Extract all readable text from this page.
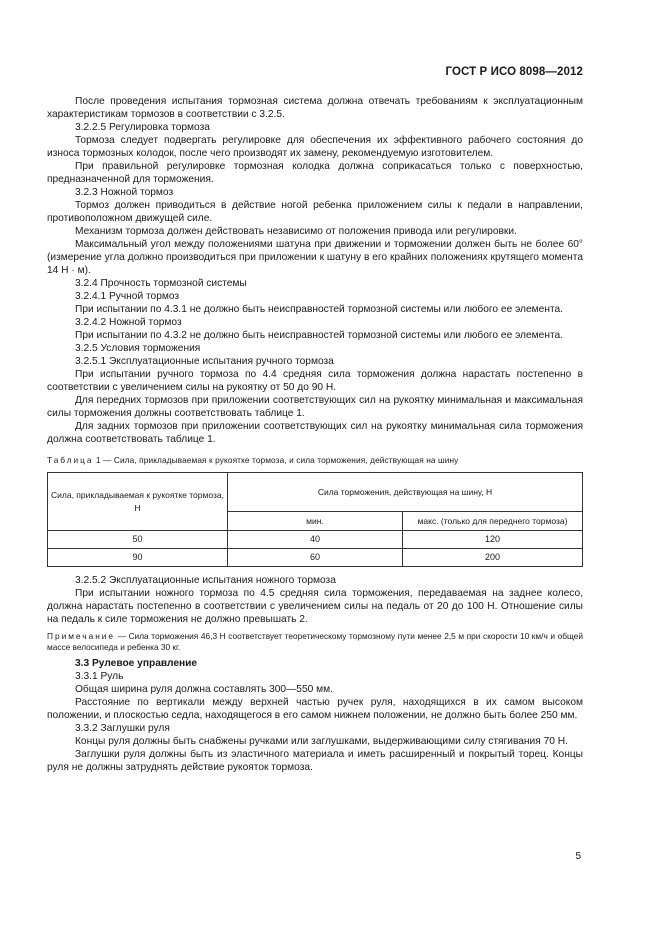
ГОСТ Р ИСО 8098—2012

После проведения испытания тормозная система должна отвечать требованиям к эксплуатационным характеристикам тормозов в соответствии с 3.2.5.

3.2.2.5 Регулировка тормоза

Тормоза следует подвергать регулировке для обеспечения их эффективного рабочего состояния до износа тормозных колодок, после чего производят их замену, рекомендуемую изготовителем.

При правильной регулировке тормозная колодка должна соприкасаться только с поверхностью, предназначенной для торможения.

3.2.3 Ножной тормоз

Тормоз должен приводиться в действие ногой ребенка приложением силы к педали в направлении, противоположном движущей силе.

Механизм тормоза должен действовать независимо от положения привода или регулировки.

Максимальный угол между положениями шатуна при движении и торможении должен быть не более 60° (измерение угла должно производиться при приложении к шатуну в его крайних положениях крутящего момента 14 Н · м).

3.2.4 Прочность тормозной системы

3.2.4.1 Ручной тормоз

При испытании по 4.3.1 не должно быть неисправностей тормозной системы или любого ее элемента.

3.2.4.2 Ножной тормоз

При испытании по 4.3.2 не должно быть неисправностей тормозной системы или любого ее элемента.

3.2.5 Условия торможения

3.2.5.1 Эксплуатационные испытания ручного тормоза

При испытании ручного тормоза по 4.4 средняя сила торможения должна нарастать постепенно в соответствии с увеличением силы на рукоятку от 50 до 90 Н.

Для передних тормозов при приложении соответствующих сил на рукоятку минимальная и максимальная силы торможения должны соответствовать таблице 1.

Для задних тормозов при приложении соответствующих сил на рукоятку минимальная сила торможения должна соответствовать таблице 1.

Таблица 1 — Сила, прикладываемая к рукоятке тормоза, и сила торможения, действующая на шину

Сила, прикладываемая к рукоятке тормоза, Н	Сила торможения, действующая на шину, Н	
	мин.	макс. (только для переднего тормоза)
50	40	120
90	60	200

3.2.5.2 Эксплуатационные испытания ножного тормоза

При испытании ножного тормоза по 4.5 средняя сила торможения, передаваемая на заднее колесо, должна нарастать постепенно в соответствии с увеличением силы на педаль от 20 до 100 Н. Отношение силы на педаль к силе торможения не должно превышать 2.

Примечание — Сила торможения 46,3 Н соответствует теоретическому тормозному пути менее 2,5 м при скорости 10 км/ч и общей массе велосипеда и ребенка 30 кг.

3.3 Рулевое управление

3.3.1 Руль

Общая ширина руля должна составлять 300—550 мм.

Расстояние по вертикали между верхней частью ручек руля, находящихся в их самом высоком положении, и плоскостью седла, находящегося в его самом нижнем положении, не должно быть более 250 мм.

3.3.2 Заглушки руля

Концы руля должны быть снабжены ручками или заглушками, выдерживающими силу стягивания 70 Н.

Заглушки руля должны быть из эластичного материала и иметь расширенный и покрытый торец. Концы руля не должны затруднять действие рукояток тормоза.

5
